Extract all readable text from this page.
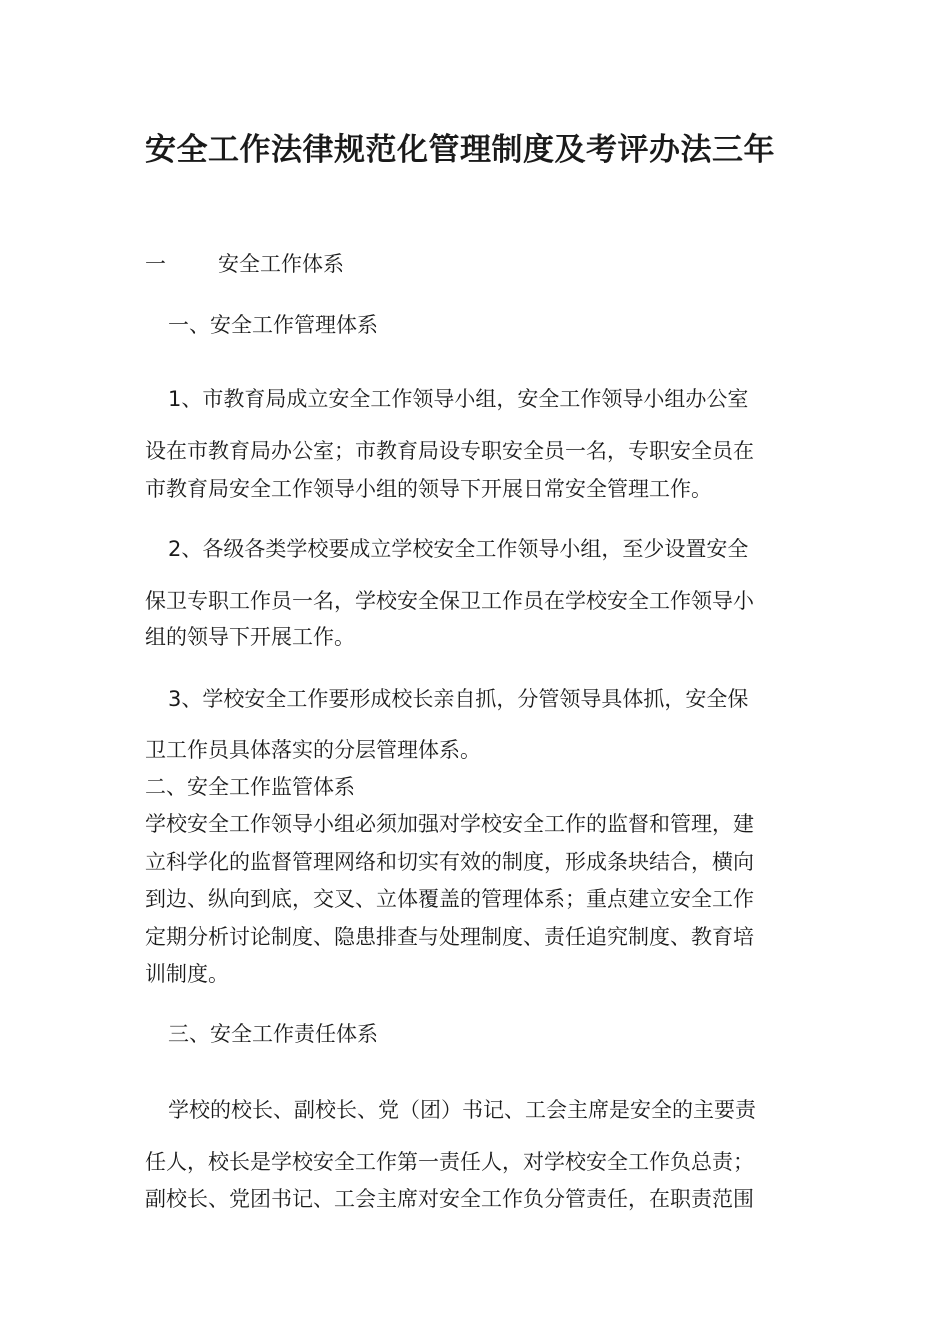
安全工作法律规范化管理制度及考评办法三年
一 安全工作体系

一、安全工作管理体系

1、市教育局成立安全工作领导小组，安全工作领导小组办公室

设在市教育局办公室；市教育局设专职安全员一名，专职安全员在

市教育局安全工作领导小组的领导下开展日常安全管理工作。

2、各级各类学校要成立学校安全工作领导小组，至少设置安全

保卫专职工作员一名，学校安全保卫工作员在学校安全工作领导小

组的领导下开展工作。

3、学校安全工作要形成校长亲自抓，分管领导具体抓，安全保

卫工作员具体落实的分层管理体系。

二、安全工作监管体系

学校安全工作领导小组必须加强对学校安全工作的监督和管理，建

立科学化的监督管理网络和切实有效的制度，形成条块结合，横向

到边、纵向到底，交叉、立体覆盖的管理体系；重点建立安全工作

定期分析讨论制度、隐患排查与处理制度、责任追究制度、教育培

训制度。

三、安全工作责任体系

学校的校长、副校长、党（团）书记、工会主席是安全的主要责

任人，校长是学校安全工作第一责任人，对学校安全工作负总责；

副校长、党团书记、工会主席对安全工作负分管责任，在职责范围
